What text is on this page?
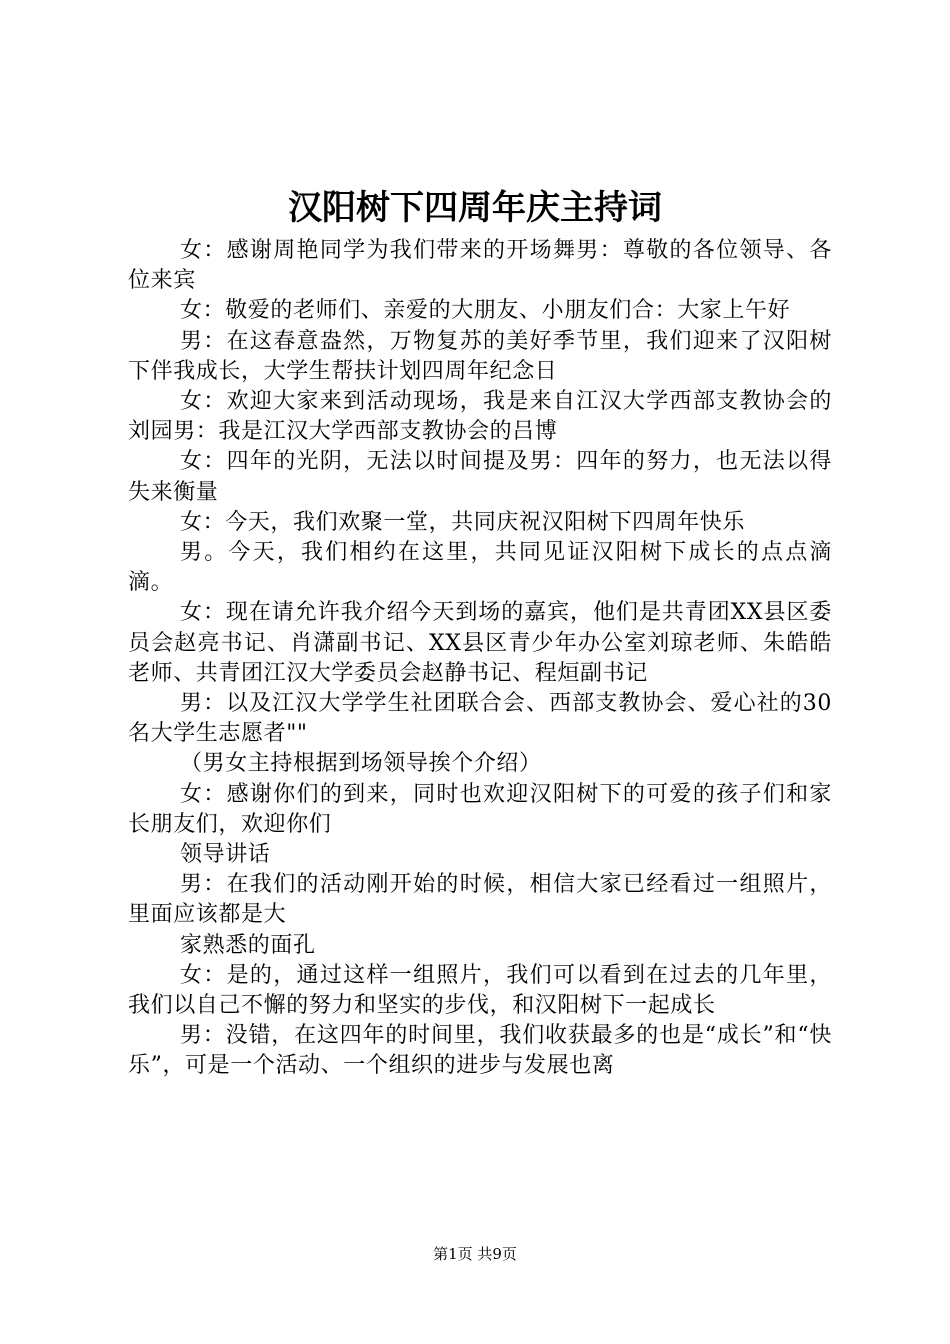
汉阳树下四周年庆主持词

女：感谢周艳同学为我们带来的开场舞男：尊敬的各位领导、各位来宾

女：敬爱的老师们、亲爱的大朋友、小朋友们合：大家上午好

男：在这春意盎然，万物复苏的美好季节里，我们迎来了汉阳树下伴我成长，大学生帮扶计划四周年纪念日

女：欢迎大家来到活动现场，我是来自江汉大学西部支教协会的刘园男：我是江汉大学西部支教协会的吕博

女：四年的光阴，无法以时间提及男：四年的努力，也无法以得失来衡量

女：今天，我们欢聚一堂，共同庆祝汉阳树下四周年快乐

男。今天，我们相约在这里，共同见证汉阳树下成长的点点滴滴。

女：现在请允许我介绍今天到场的嘉宾，他们是共青团XX县区委员会赵亮书记、肖潇副书记、XX县区青少年办公室刘琼老师、朱皓皓老师、共青团江汉大学委员会赵静书记、程烜副书记

男：以及江汉大学学生社团联合会、西部支教协会、爱心社的30名大学生志愿者""

（男女主持根据到场领导挨个介绍）

女：感谢你们的到来，同时也欢迎汉阳树下的可爱的孩子们和家长朋友们，欢迎你们

领导讲话

男：在我们的活动刚开始的时候，相信大家已经看过一组照片，里面应该都是大

家熟悉的面孔

女：是的，通过这样一组照片，我们可以看到在过去的几年里，我们以自己不懈的努力和坚实的步伐，和汉阳树下一起成长

男：没错，在这四年的时间里，我们收获最多的也是“成长”和“快乐”，可是一个活动、一个组织的进步与发展也离

第1页 共9页
